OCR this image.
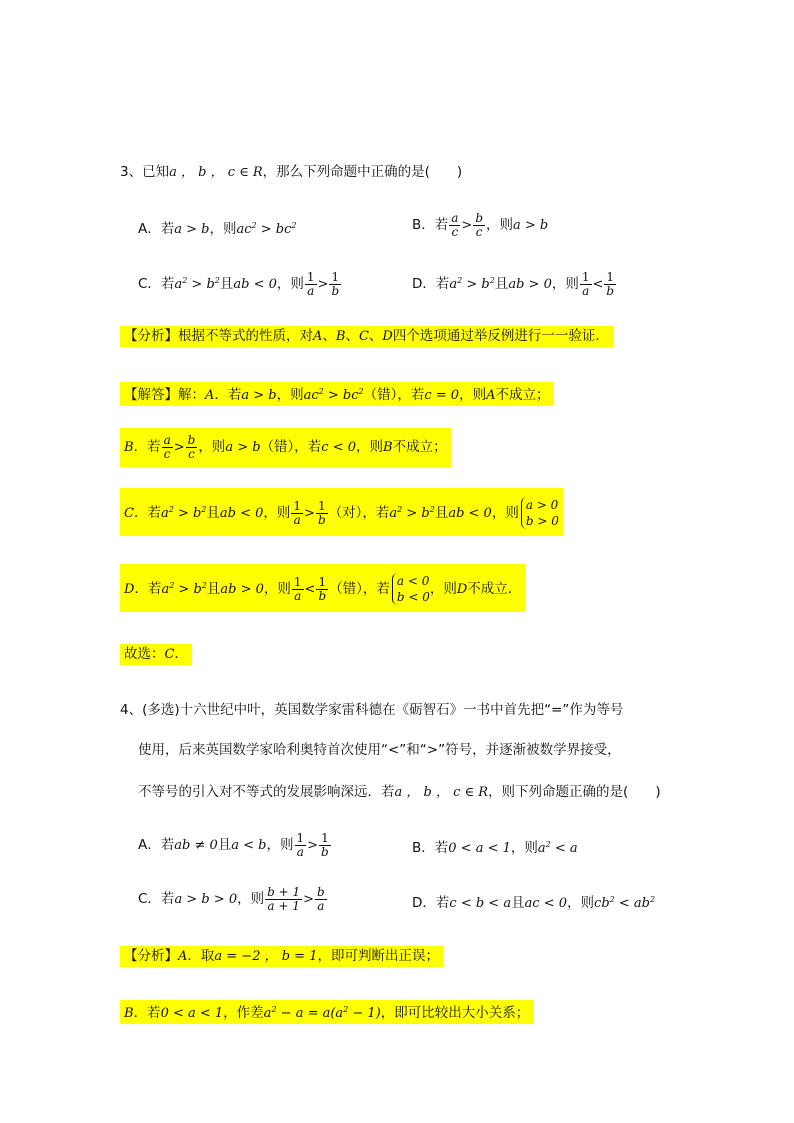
3、已知a ， b ， c ∈ R，那么下列命题中正确的是(　　)
A．若a > b，则$ac^2 > bc^2$	B．若 $\frac{a}{c} > \frac{b}{c}$ ，则a > b
C．若$a^2 > b^2$且ab < 0，则 $\frac{1}{a} > \frac{1}{b}$	D．若$a^2 > b^2$且ab > 0，则 $\frac{1}{a} < \frac{1}{b}$
【分析】根据不等式的性质，对A、B、C、D四个选项通过举反例进行一一验证．
【解答】解：A．若a > b，则$ac^2 > bc^2$（错），若c = 0，则A不成立；
B．若 $\frac{a}{c} > \frac{b}{c}$ ，则a > b（错），若c < 0，则B不成立；
C．若$a^2 > b^2$且ab < 0，则 $\frac{1}{a} > \frac{1}{b}$ （对），若$a^2 > b^2$且ab < 0，则 a > 0
b > 0
D．若$a^2 > b^2$且ab > 0，则 $\frac{1}{a} < \frac{1}{b}$ （错），若 a < 0
b < 0 ，则D不成立．
故选：C．
4、(多选)十六世纪中叶，英国数学家雷科德在《砺智石》一书中首先把“=”作为等号
使用，后来英国数学家哈利奥特首次使用“<”和“>”符号，并逐渐被数学界接受，
不等号的引入对不等式的发展影响深远．若a ， b ， c ∈ R，则下列命题正确的是(　　)
A．若ab ≠ 0且a < b，则 $\frac{1}{a} > \frac{1}{b}$	B．若0 < a < 1，则$a^2 < a$
C．若a > b > 0，则 $\frac{b + 1}{a + 1} > \frac{b}{a}$	D．若c < b < a且ac < 0，则$cb^2 < ab^2$
【分析】A．取a = −2 ， b = 1，即可判断出正误；
B．若0 < a < 1，作差$a^2 - a = a(a^2 - 1)$，即可比较出大小关系；
